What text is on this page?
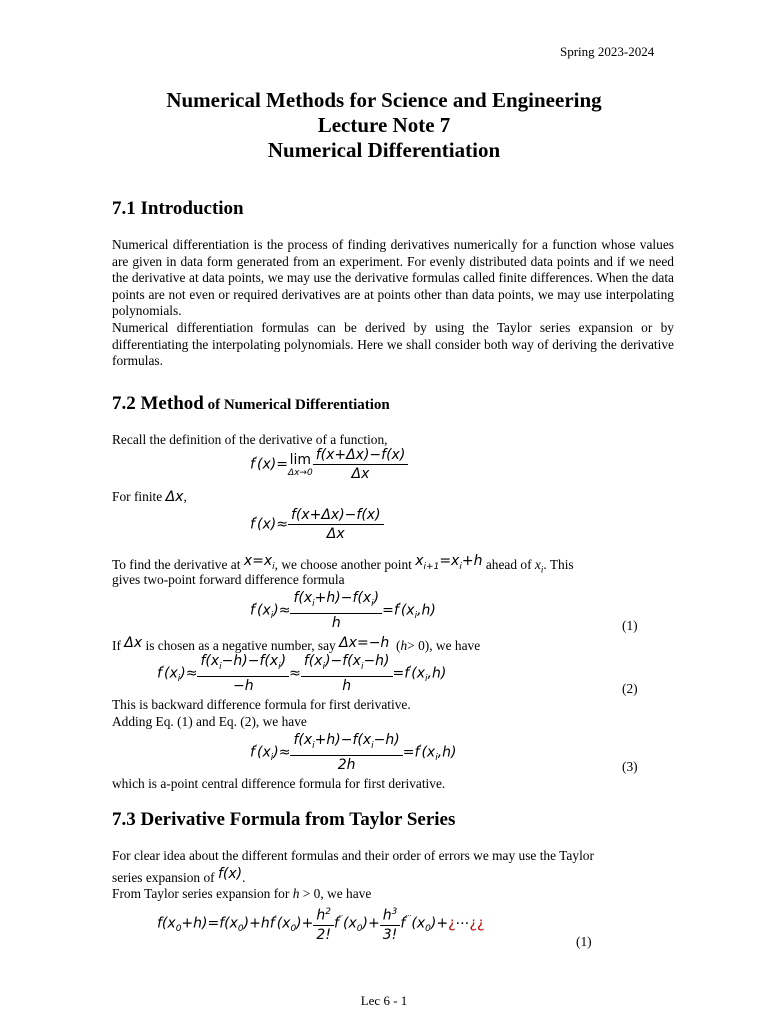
Spring 2023-2024
Numerical Methods for Science and Engineering
Lecture Note 7
Numerical Differentiation
7.1 Introduction
Numerical differentiation is the process of finding derivatives numerically for a function whose values are given in data form generated from an experiment. For evenly distributed data points and if we need the derivative at data points, we may use the derivative formulas called finite differences. When the data points are not even or required derivatives are at points other than data points, we may use interpolating polynomials.
Numerical differentiation formulas can be derived by using the Taylor series expansion or by differentiating the interpolating polynomials. Here we shall consider both way of deriving the derivative formulas.
7.2 Method of Numerical Differentiation
Recall the definition of the derivative of a function,
f′(x)= lim
$\Delta x\to 0 \frac{f(x+\Delta x)-f(x)}{\Delta x}$
For finite Δx,
$f'(x)\approx \frac{f(x+\Delta x)-f(x)}{\Delta x}$
To find the derivative at $x=x_i$, we choose another point $x_{i+1}=x_i+h$ ahead of $x_i$. This
gives two-point forward difference formula
$f'(x_i)\approx \frac{f(x_i+h)-f(x_i)}{h} =f'(x_i,h)$
(1)
If Δx is chosen as a negative number, say Δx=−h  (h> 0), we have
$f'(x_i)\approx \frac{f(x_i-h)-f(x_i)}{-h} \approx \frac{f(x_i)-f(x_i-h)}{h} =f'(x_i,h)$
(2)
This is backward difference formula for first derivative.
Adding Eq. (1) and Eq. (2), we have
$f'(x_i)\approx \frac{f(x_i+h)-f(x_i-h)}{2h} =f'(x_i,h)$
(3)
which is a-point central difference formula for first derivative.
7.3 Derivative Formula from Taylor Series
For clear idea about the different formulas and their order of errors we may use the Taylor
series expansion of f(x).
From Taylor series expansion for h > 0, we have
$f(x_0+h)=f(x_0)+hf'(x_0)+ \frac{h^2}{2!} f''(x_0)+ \frac{h^3}{3!}$ $f'''(x_0)+¿\cdots¿¿$
(1)
Lec 6 - 1
